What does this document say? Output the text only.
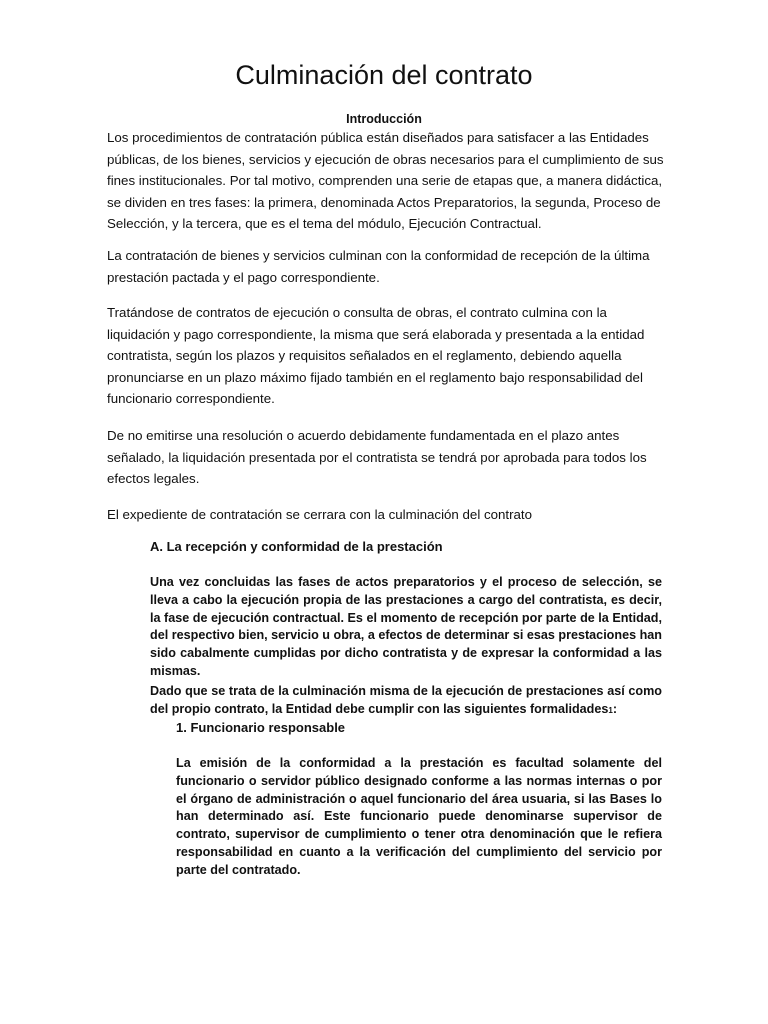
Culminación del contrato

Introducción

Los procedimientos de contratación pública están diseñados para satisfacer a las Entidades públicas, de los bienes, servicios y ejecución de obras necesarios para el cumplimiento de sus fines institucionales. Por tal motivo, comprenden una serie de etapas que, a manera didáctica, se dividen en tres fases: la primera, denominada Actos Preparatorios, la segunda, Proceso de Selección, y la tercera, que es el tema del módulo, Ejecución Contractual.

La contratación de bienes y servicios culminan con la conformidad de recepción de la última prestación pactada y el pago correspondiente.

Tratándose de contratos de ejecución o consulta de obras, el contrato culmina con la liquidación y pago correspondiente, la misma que será elaborada y presentada a la entidad contratista, según los plazos y requisitos señalados en el reglamento, debiendo aquella pronunciarse en un plazo máximo fijado también en el reglamento bajo responsabilidad del funcionario correspondiente.

De no emitirse una resolución o acuerdo debidamente fundamentada en el plazo antes señalado, la liquidación presentada por el contratista se tendrá por aprobada para todos los efectos legales.

El expediente de contratación se cerrara con la culminación del contrato

A. La recepción y conformidad de la prestación

Una vez concluidas las fases de actos preparatorios y el proceso de selección, se lleva a cabo la ejecución propia de las prestaciones a cargo del contratista, es decir, la fase de ejecución contractual. Es el momento de recepción por parte de la Entidad, del respectivo bien, servicio u obra, a efectos de determinar si esas prestaciones han sido cabalmente cumplidas por dicho contratista y de expresar la conformidad a las mismas.

Dado que se trata de la culminación misma de la ejecución de prestaciones así como del propio contrato, la Entidad debe cumplir con las siguientes formalidades1:

1. Funcionario responsable

La emisión de la conformidad a la prestación es facultad solamente del funcionario o servidor público designado conforme a las normas internas o por el órgano de administración o aquel funcionario del área usuaria, si las Bases lo han determinado así. Este funcionario puede denominarse supervisor de contrato, supervisor de cumplimiento o tener otra denominación que le refiera responsabilidad en cuanto a la verificación del cumplimiento del servicio por parte del contratado.
